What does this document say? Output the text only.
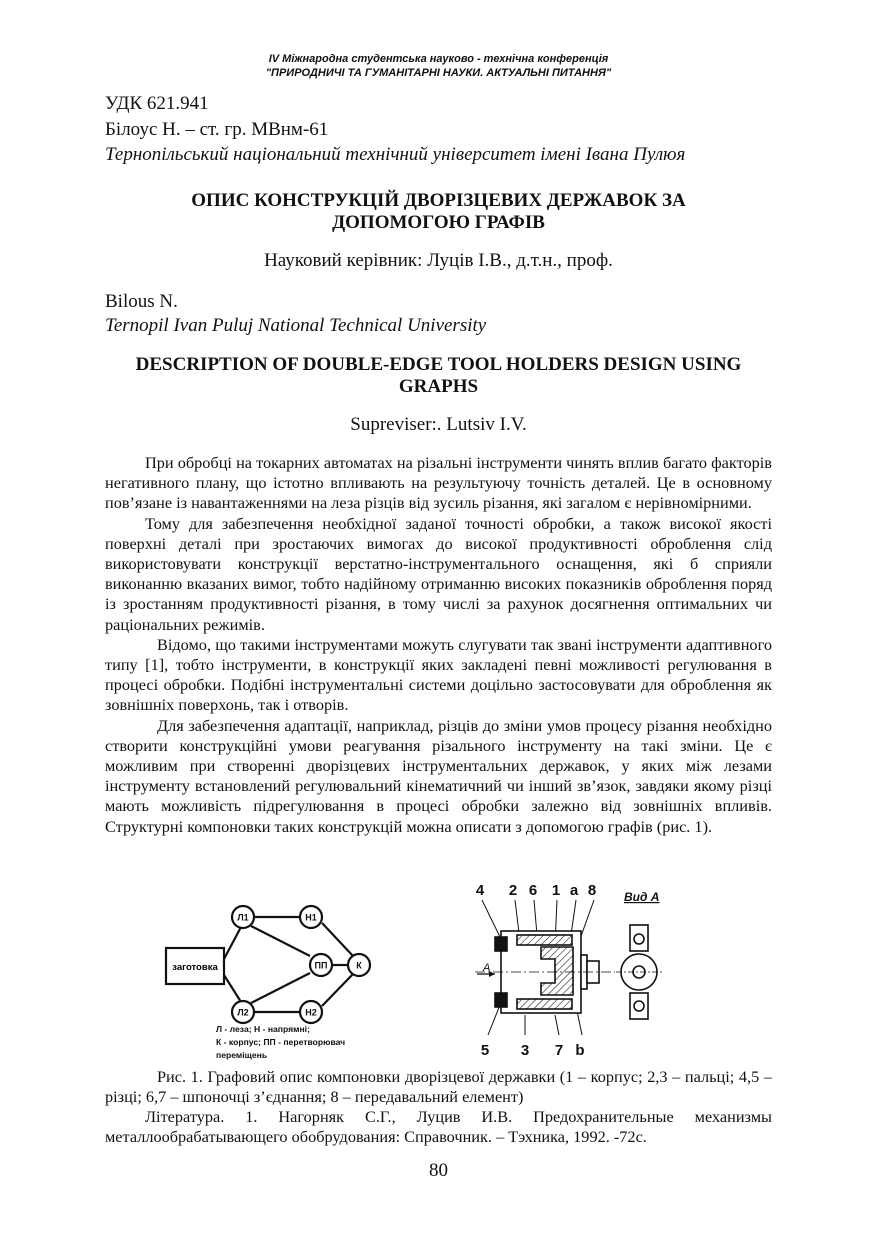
IV Міжнародна студентська науково - технічна конференція
"ПРИРОДНИЧІ ТА ГУМАНІТАРНІ НАУКИ. АКТУАЛЬНІ ПИТАННЯ"
УДК 621.941
Білоус Н. – ст. гр. МВнм-61
Тернопільський національний технічний університет імені Івана Пулюя
ОПИС КОНСТРУКЦІЙ ДВОРІЗЦЕВИХ ДЕРЖАВОК ЗА
ДОПОМОГОЮ ГРАФІВ
Науковий керівник: Луців І.В., д.т.н., проф.
Bilous N.
Ternopil Ivan Puluj National Technical University
DESCRIPTION OF DOUBLE-EDGE TOOL HOLDERS DESIGN USING
GRAPHS
Supreviser:. Lutsiv I.V.

При обробці на токарних автоматах на різальні інструменти чинять вплив багато факторів негативного плану, що істотно впливають на результуючу точність деталей. Це в основному пов’язане із навантаженнями на леза різців від зусиль різання, які загалом є нерівномірними.

Тому для забезпечення необхідної заданої точності обробки, а також високої якості поверхні деталі при зростаючих вимогах до високої продуктивності оброблення слід використовувати конструкції верстатно-інструментального оснащення, які б сприяли виконанню вказаних вимог, тобто надійному отриманню високих показників оброблення поряд із зростанням продуктивності різання, в тому числі за рахунок досягнення оптимальних чи раціональних режимів.

Відомо, що такими інструментами можуть слугувати так звані інструменти адаптивного типу [1], тобто інструменти, в конструкції яких закладені певні можливості регулювання в процесі обробки. Подібні інструментальні системи доцільно застосовувати для оброблення як зовнішніх поверхонь, так і отворів.

Для забезпечення адаптації, наприклад, різців до зміни умов процесу різання необхідно створити конструкційні умови реагування різального інструменту на такі зміни. Це є можливим при створенні дворізцевих інструментальних державок, у яких між лезами інструменту встановлений регулювальний кінематичний чи інший зв’язок, завдяки якому різці мають можливість підрегулювання в процесі обробки залежно від зовнішніх впливів. Структурні компоновки таких конструкцій можна описати з допомогою графів (рис. 1).

заготовка
Л1	Н1
ПП	К
Л2	Н2
Л - леза; Н - напрямні;
К - корпус; ПП - перетворювач
переміщень
4 2 6 1 a 8
A
5 3 7 b
Вид А

Рис. 1. Графовий опис компоновки дворізцевої державки (1 – корпус; 2,3 – пальці; 4,5 – різці; 6,7 – шпоночці з’єднання; 8 – передавальний елемент)

Література. 1. Нагорняк С.Г., Луцив И.В. Предохранительные механизмы металлообрабатывающего обобрудования: Справочник. – Тэхника, 1992. -72с.

80
